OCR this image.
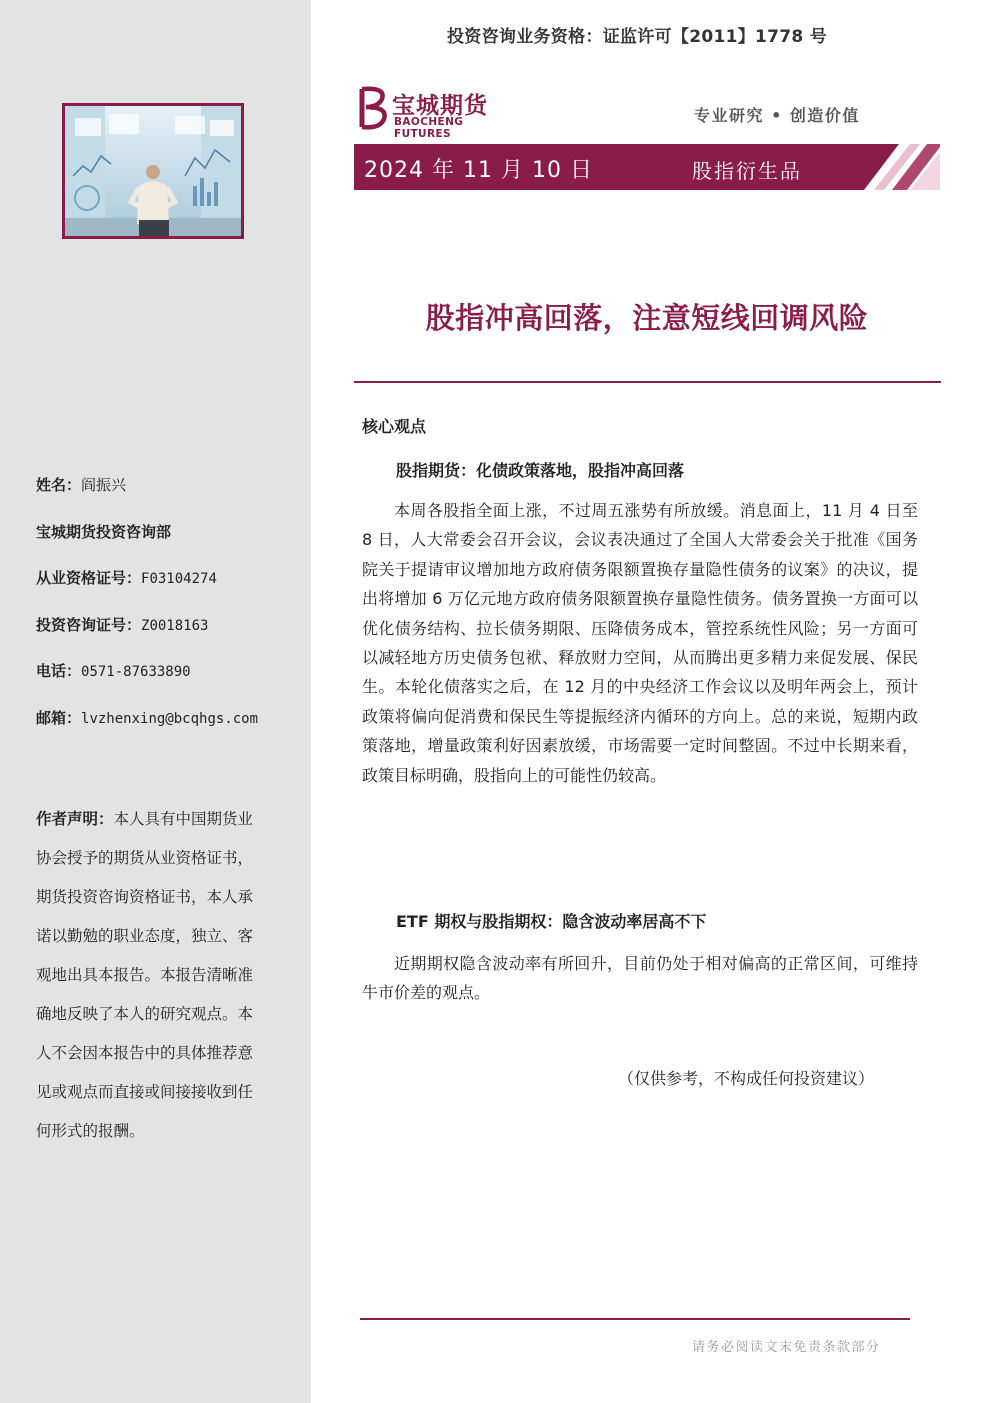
姓名：阎振兴
宝城期货投资咨询部
从业资格证号：F03104274
投资咨询证号：Z0018163
电话：0571-87633890
邮箱：lvzhenxing@bcqhgs.com
作者声明：本人具有中国期货业协会授予的期货从业资格证书，期货投资咨询资格证书，本人承诺以勤勉的职业态度，独立、客观地出具本报告。本报告清晰准确地反映了本人的研究观点。本人不会因本报告中的具体推荐意见或观点而直接或间接接收到任何形式的报酬。
投资咨询业务资格：证监许可【2011】1778 号
宝城期货
BAOCHENG FUTURES
专业研究 • 创造价值
2024 年 11 月 10 日	股指衍生品
股指冲高回落，注意短线回调风险
核心观点
股指期货：化债政策落地，股指冲高回落

本周各股指全面上涨，不过周五涨势有所放缓。消息面上，11 月 4 日至 8 日，人大常委会召开会议，会议表决通过了全国人大常委会关于批准《国务院关于提请审议增加地方政府债务限额置换存量隐性债务的议案》的决议，提出将增加 6 万亿元地方政府债务限额置换存量隐性债务。债务置换一方面可以优化债务结构、拉长债务期限、压降债务成本，管控系统性风险；另一方面可以减轻地方历史债务包袱、释放财力空间，从而腾出更多精力来促发展、保民生。本轮化债落实之后，在 12 月的中央经济工作会议以及明年两会上，预计政策将偏向促消费和保民生等提振经济内循环的方向上。总的来说，短期内政策落地，增量政策利好因素放缓，市场需要一定时间整固。不过中长期来看，政策目标明确，股指向上的可能性仍较高。

ETF 期权与股指期权：隐含波动率居高不下

近期期权隐含波动率有所回升，目前仍处于相对偏高的正常区间，可维持牛市价差的观点。

（仅供参考，不构成任何投资建议）
请务必阅读文末免责条款部分
